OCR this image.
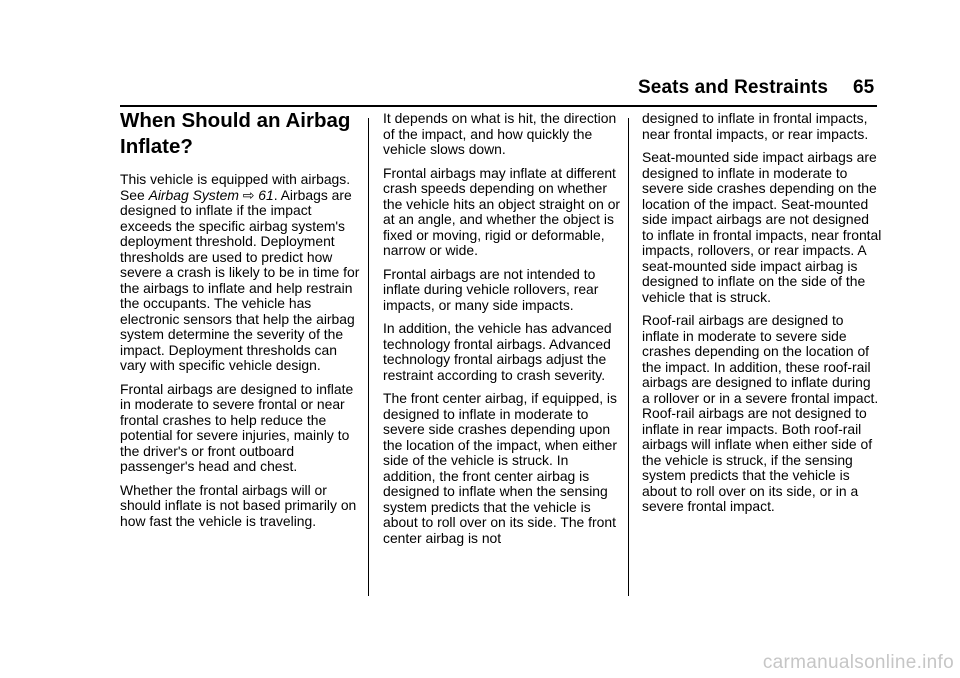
Seats and Restraints 65
When Should an Airbag Inflate?

This vehicle is equipped with airbags. See Airbag System ⇨ 61. Airbags are designed to inflate if the impact exceeds the specific airbag system's deployment threshold. Deployment thresholds are used to predict how severe a crash is likely to be in time for the airbags to inflate and help restrain the occupants. The vehicle has electronic sensors that help the airbag system determine the severity of the impact. Deployment thresholds can vary with specific vehicle design.

Frontal airbags are designed to inflate in moderate to severe frontal or near frontal crashes to help reduce the potential for severe injuries, mainly to the driver's or front outboard passenger's head and chest.

Whether the frontal airbags will or should inflate is not based primarily on how fast the vehicle is traveling.

It depends on what is hit, the direction of the impact, and how quickly the vehicle slows down.

Frontal airbags may inflate at different crash speeds depending on whether the vehicle hits an object straight on or at an angle, and whether the object is fixed or moving, rigid or deformable, narrow or wide.

Frontal airbags are not intended to inflate during vehicle rollovers, rear impacts, or many side impacts.

In addition, the vehicle has advanced technology frontal airbags. Advanced technology frontal airbags adjust the restraint according to crash severity.

The front center airbag, if equipped, is designed to inflate in moderate to severe side crashes depending upon the location of the impact, when either side of the vehicle is struck. In addition, the front center airbag is designed to inflate when the sensing system predicts that the vehicle is about to roll over on its side. The front center airbag is not

designed to inflate in frontal impacts, near frontal impacts, or rear impacts.

Seat-mounted side impact airbags are designed to inflate in moderate to severe side crashes depending on the location of the impact. Seat-mounted side impact airbags are not designed to inflate in frontal impacts, near frontal impacts, rollovers, or rear impacts. A seat-mounted side impact airbag is designed to inflate on the side of the vehicle that is struck.

Roof-rail airbags are designed to inflate in moderate to severe side crashes depending on the location of the impact. In addition, these roof-rail airbags are designed to inflate during a rollover or in a severe frontal impact. Roof-rail airbags are not designed to inflate in rear impacts. Both roof-rail airbags will inflate when either side of the vehicle is struck, if the sensing system predicts that the vehicle is about to roll over on its side, or in a severe frontal impact.

carmanualsonline.info
